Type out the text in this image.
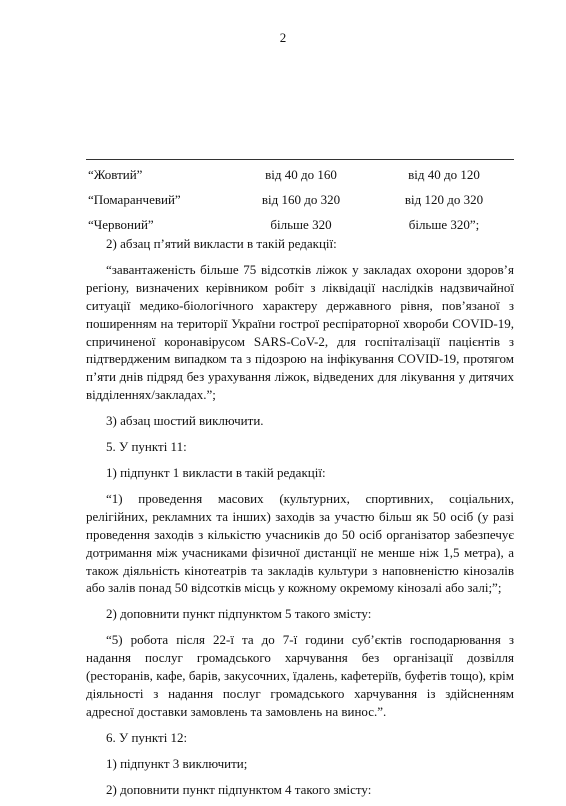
2
“Жовтий”	від 40 до 160	від 40 до 120
“Помаранчевий”	від 160 до 320	від 120 до 320
“Червоний”	більше 320	більше 320”;

2) абзац п’ятий викласти в такій редакції:

“завантаженість більше 75 відсотків ліжок у закладах охорони здоров’я регіону, визначених керівником робіт з ліквідації наслідків надзвичайної ситуації медико-біологічного характеру державного рівня, пов’язаної з поширенням на території України гострої респіраторної хвороби COVID-19, спричиненої коронавірусом SARS-CoV-2, для госпіталізації пацієнтів з підтвердженим випадком та з підозрою на інфікування COVID-19, протягом п’яти днів підряд без урахування ліжок, відведених для лікування у дитячих відділеннях/закладах.”;

3) абзац шостий виключити.

5. У пункті 11:

1) підпункт 1 викласти в такій редакції:

“1) проведення масових (культурних, спортивних, соціальних, релігійних, рекламних та інших) заходів за участю більш як 50 осіб (у разі проведення заходів з кількістю учасників до 50 осіб організатор забезпечує дотримання між учасниками фізичної дистанції не менше ніж 1,5 метра), а також діяльність кінотеатрів та закладів культури з наповненістю кінозалів або залів понад 50 відсотків місць у кожному окремому кінозалі або залі;”;

2) доповнити пункт підпунктом 5 такого змісту:

“5) робота після 22-ї та до 7-ї години суб’єктів господарювання з надання послуг громадського харчування без організації дозвілля (ресторанів, кафе, барів, закусочних, їдалень, кафетеріїв, буфетів тощо), крім діяльності з надання послуг громадського харчування із здійсненням адресної доставки замовлень та замовлень на винос.”.

6. У пункті 12:

1) підпункт 3 виключити;

2) доповнити пункт підпунктом 4 такого змісту:
